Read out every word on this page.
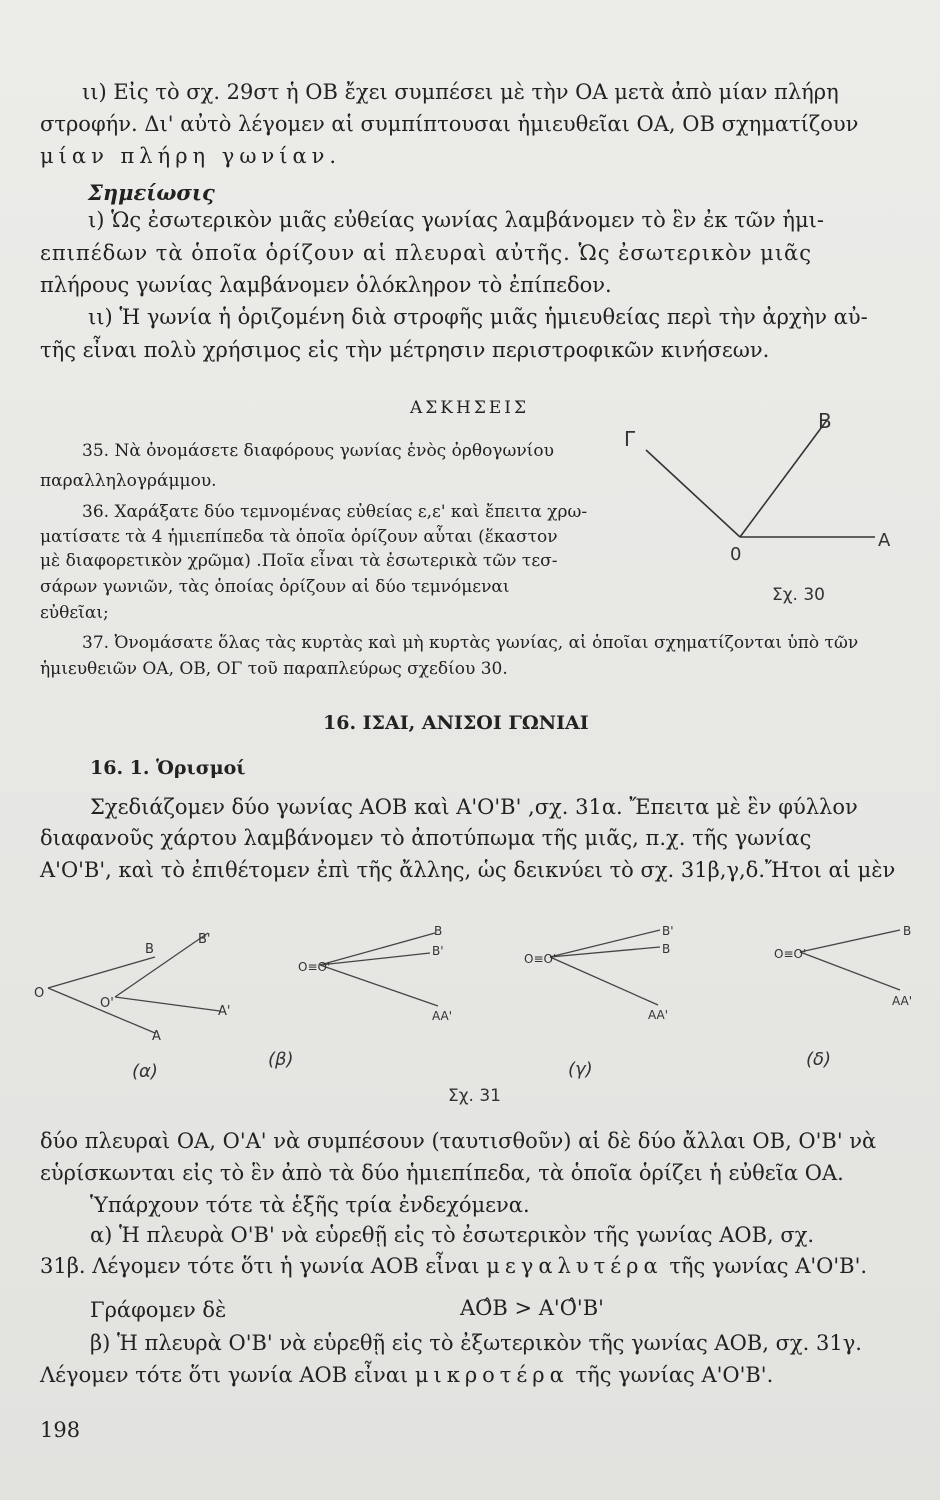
ιι) Εἰς τὸ σχ. 29στ ἡ ΟΒ ἔχει συμπέσει μὲ τὴν ΟΑ μετὰ ἀπὸ μίαν πλήρη
στροφήν. Δι' αὐτὸ λέγομεν αἱ συμπίπτουσαι ἡμιευθεῖαι ΟΑ, ΟΒ σχηματίζουν
μίαν πλήρη γωνίαν.
Σημείωσις
ι) Ὡς ἐσωτερικὸν μιᾶς εὐθείας γωνίας λαμβάνομεν τὸ ἓν ἐκ τῶν ἡμι-
επιπέδων τὰ ὁποῖα ὁρίζουν αἱ πλευραὶ αὐτῆς. Ὡς ἐσωτερικὸν μιᾶς
πλήρους γωνίας λαμβάνομεν ὁλόκληρον τὸ ἐπίπεδον.
ιι) Ἡ γωνία ἡ ὁριζομένη διὰ στροφῆς μιᾶς ἡμιευθείας περὶ τὴν ἀρχὴν αὐ-
τῆς εἶναι πολὺ χρήσιμος εἰς τὴν μέτρησιν περιστροφικῶν κινήσεων.
ΑΣΚΗΣΕΙΣ
35. Νὰ ὀνομάσετε διαφόρους γωνίας ἑνὸς ὀρθογωνίου
παραλληλογράμμου.
36. Χαράξατε δύο τεμνομένας εὐθείας ε,ε' καὶ ἔπειτα χρω-
ματίσατε τὰ 4 ἡμιεπίπεδα τὰ ὁποῖα ὁρίζουν αὗται (ἕκαστον
μὲ διαφορετικὸν χρῶμα) .Ποῖα εἶναι τὰ ἐσωτερικὰ τῶν τεσ-
σάρων γωνιῶν, τὰς ὁποίας ὁρίζουν αἱ δύο τεμνόμεναι
εὐθεῖαι;
37. Ὀνομάσατε ὅλας τὰς κυρτὰς καὶ μὴ κυρτὰς γωνίας, αἱ ὁποῖαι σχηματίζονται ὑπὸ τῶν
ἡμιευθειῶν ΟΑ, ΟΒ, ΟΓ τοῦ παραπλεύρως σχεδίου 30.
Γ
B
0
A
Σχ. 30
16. ΙΣΑΙ, ΑΝΙΣΟΙ ΓΩΝΙΑΙ
16. 1. Ὁρισμοί
Σχεδιάζομεν δύο γωνίας ΑΟΒ καὶ Α'Ο'Β' ,σχ. 31α. Ἔπειτα μὲ ἓν φύλλον
διαφανοῦς χάρτου λαμβάνομεν τὸ ἀποτύπωμα τῆς μιᾶς, π.χ. τῆς γωνίας
Α'Ο'Β', καὶ τὸ ἐπιθέτομεν ἐπὶ τῆς ἄλλης, ὡς δεικνύει τὸ σχ. 31β,γ,δ.Ἤτοι αἱ μὲν
O
B
O'
B'
A'
A
(α)
O≡O'
B
B'
AA'
(β)
O≡O'
B'
B
AA'
(γ)
O≡O'
B
AA'
(δ)
Σχ. 31
δύο πλευραὶ ΟΑ, Ο'Α' νὰ συμπέσουν (ταυτισθοῦν) αἱ δὲ δύο ἄλλαι ΟΒ, Ο'Β' νὰ
εὑρίσκωνται εἰς τὸ ἓν ἀπὸ τὰ δύο ἡμιεπίπεδα, τὰ ὁποῖα ὁρίζει ἡ εὐθεῖα ΟΑ.
Ὑπάρχουν τότε τὰ ἑξῆς τρία ἐνδεχόμενα.
α) Ἡ πλευρὰ Ο'Β' νὰ εὑρεθῇ εἰς τὸ ἐσωτερικὸν τῆς γωνίας ΑΟΒ, σχ.
31β. Λέγομεν τότε ὅτι ἡ γωνία ΑΟΒ εἶναι μεγαλυτέρα τῆς γωνίας Α'Ο'Β'.
Γράφομεν δὲ	ΑΟ̂Β > Α'Ο̂'Β'
β) Ἡ πλευρὰ Ο'Β' νὰ εὑρεθῇ εἰς τὸ ἐξωτερικὸν τῆς γωνίας ΑΟΒ, σχ. 31γ.
Λέγομεν τότε ὅτι γωνία ΑΟΒ εἶναι μικροτέρα τῆς γωνίας Α'Ο'Β'.
198
